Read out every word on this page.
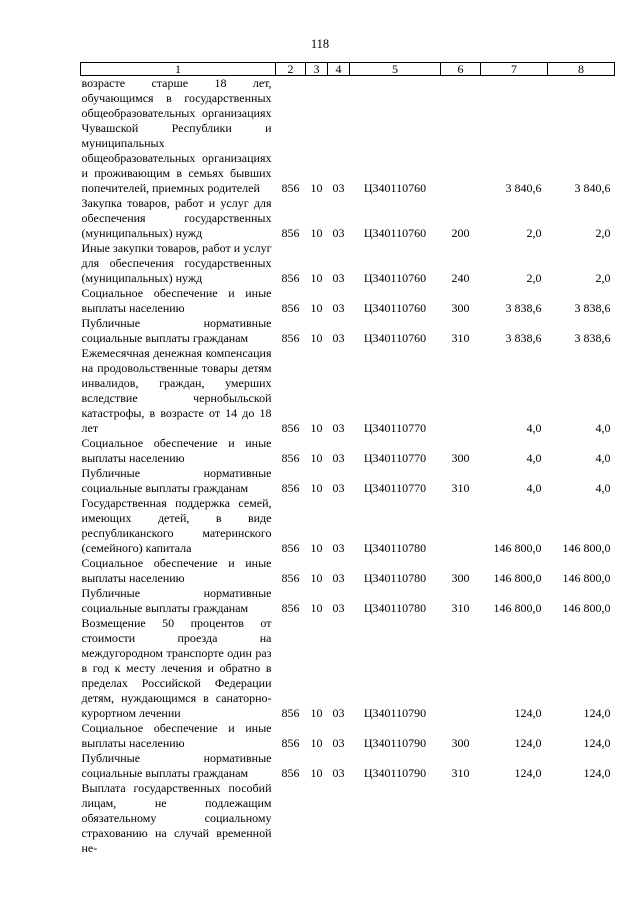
118
1	2	3	4	5	6	7	8
возрасте старше 18 лет, обучающимся в государственных общеобразовательных организациях Чувашской Республики и муниципальных общеобразовательных организациях и проживающим в семьях бывших попечителей, приемных родителей	856	10	03	Ц340110760		3 840,6	3 840,6
Закупка товаров, работ и услуг для обеспечения государственных (муниципальных) нужд	856	10	03	Ц340110760	200	2,0	2,0
Иные закупки товаров, работ и услуг для обеспечения государственных (муниципальных) нужд	856	10	03	Ц340110760	240	2,0	2,0
Социальное обеспечение и иные выплаты населению	856	10	03	Ц340110760	300	3 838,6	3 838,6
Публичные нормативные социальные выплаты гражданам	856	10	03	Ц340110760	310	3 838,6	3 838,6
Ежемесячная денежная компенсация на продовольственные товары детям инвалидов, граждан, умерших вследствие чернобыльской катастрофы, в возрасте от 14 до 18 лет	856	10	03	Ц340110770		4,0	4,0
Социальное обеспечение и иные выплаты населению	856	10	03	Ц340110770	300	4,0	4,0
Публичные нормативные социальные выплаты гражданам	856	10	03	Ц340110770	310	4,0	4,0
Государственная поддержка семей, имеющих детей, в виде республиканского материнского (семейного) капитала	856	10	03	Ц340110780		146 800,0	146 800,0
Социальное обеспечение и иные выплаты населению	856	10	03	Ц340110780	300	146 800,0	146 800,0
Публичные нормативные социальные выплаты гражданам	856	10	03	Ц340110780	310	146 800,0	146 800,0
Возмещение 50 процентов от стоимости проезда на междугородном транспорте один раз в год к месту лечения и обратно в пределах Российской Федерации детям, нуждающимся в санаторно-курортном лечении	856	10	03	Ц340110790		124,0	124,0
Социальное обеспечение и иные выплаты населению	856	10	03	Ц340110790	300	124,0	124,0
Публичные нормативные социальные выплаты гражданам	856	10	03	Ц340110790	310	124,0	124,0
Выплата государственных пособий лицам, не подлежащим обязательному социальному страхованию на случай временной не-							
